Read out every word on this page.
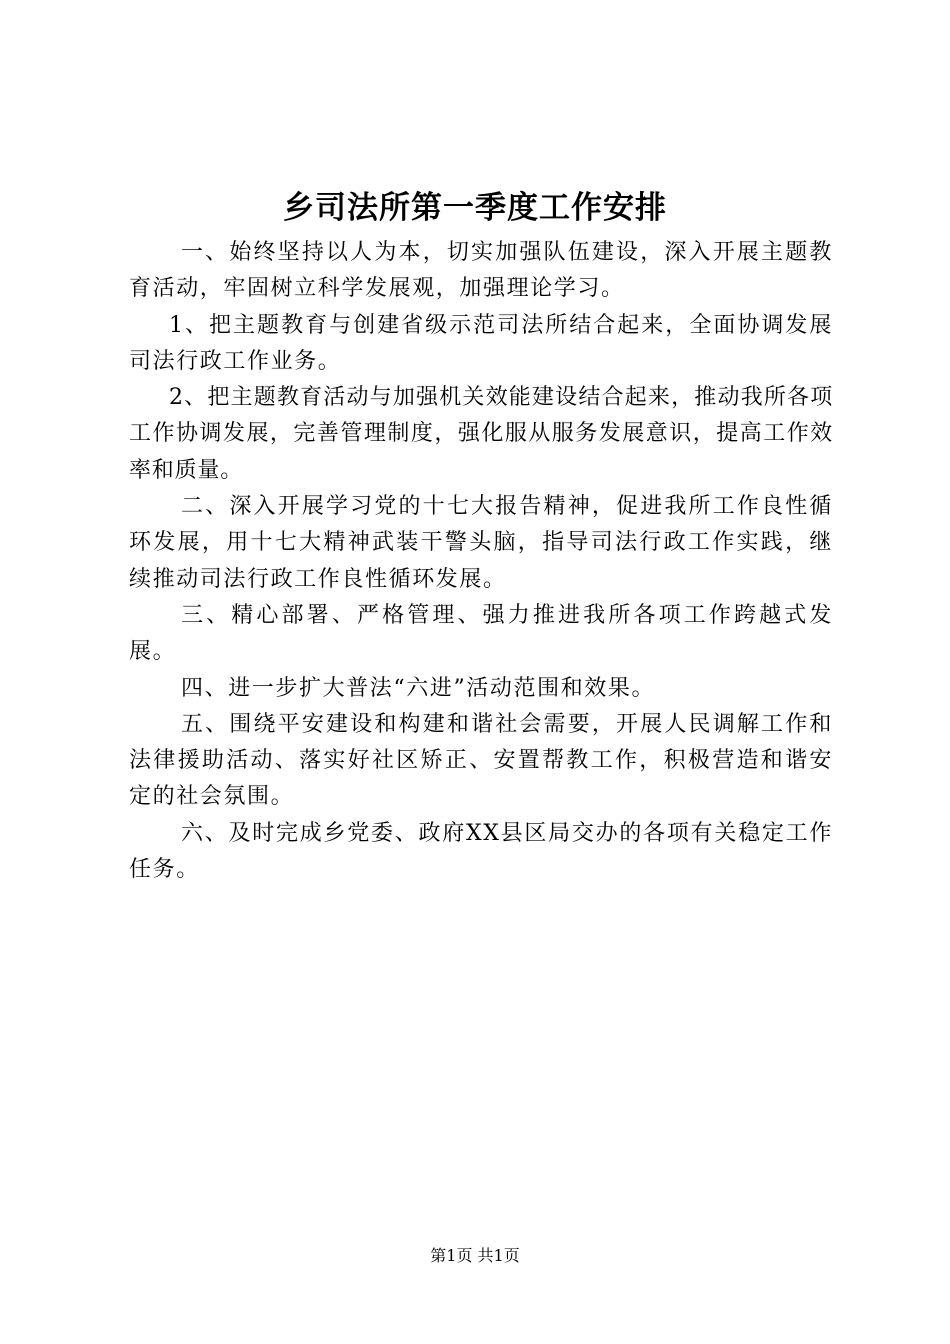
乡司法所第一季度工作安排

一、始终坚持以人为本，切实加强队伍建设，深入开展主题教育活动，牢固树立科学发展观，加强理论学习。

1、把主题教育与创建省级示范司法所结合起来，全面协调发展司法行政工作业务。

2、把主题教育活动与加强机关效能建设结合起来，推动我所各项工作协调发展，完善管理制度，强化服从服务发展意识，提高工作效率和质量。

二、深入开展学习党的十七大报告精神，促进我所工作良性循环发展，用十七大精神武装干警头脑，指导司法行政工作实践，继续推动司法行政工作良性循环发展。

三、精心部署、严格管理、强力推进我所各项工作跨越式发展。

四、进一步扩大普法“六进”活动范围和效果。

五、围绕平安建设和构建和谐社会需要，开展人民调解工作和法律援助活动、落实好社区矫正、安置帮教工作，积极营造和谐安定的社会氛围。

六、及时完成乡党委、政府XX县区局交办的各项有关稳定工作任务。

第1页 共1页
